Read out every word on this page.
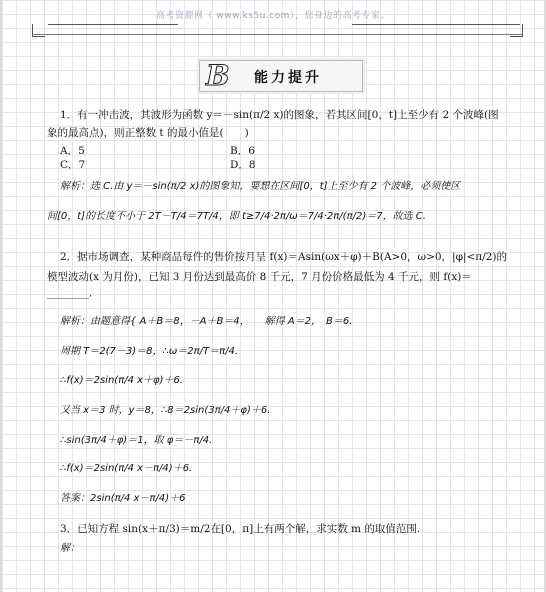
高考资源网（ www.ks5u.com），您身边的高考专家。
B	能力提升
1．有一冲击波，其波形为函数 y＝－sin(π/2 x)的图象，若其区间[0，t]上至少有 2 个波峰(图
象的最高点)，则正整数 t 的最小值是(　　)
A．5	B．6
C．7	D．8
解析：选 C.由 y＝－sin(π/2 x)的图象知，要想在区间[0，t]上至少有 2 个波峰，必须使区
间[0，t]的长度不小于 2T－T/4＝7T/4，即 t≥7/4·2π/ω＝7/4·2π/(π/2)＝7，故选 C.
2．据市场调查，某种商品每件的售价按月呈 f(x)＝Asin(ωx＋φ)＋B(A>0，ω>0，|φ|<π/2)的
模型波动(x 为月份)，已知 3 月份达到最高价 8 千元，7 月份价格最低为 4 千元，则 f(x)＝
________．
解析：由题意得{ A＋B＝8，－A＋B＝4，　　解得 A＝2，　B＝6.
周期 T＝2(7－3)＝8，∴ω＝2π/T＝π/4.
∴f(x)＝2sin(π/4 x＋φ)＋6.
又当 x＝3 时，y＝8，∴8＝2sin(3π/4＋φ)＋6.
∴sin(3π/4＋φ)＝1，取 φ＝－π/4.
∴f(x)＝2sin(π/4 x－π/4)＋6.
答案：2sin(π/4 x－π/4)＋6
3．已知方程 sin(x＋π/3)＝m/2在[0，π]上有两个解，求实数 m 的取值范围.
解：
